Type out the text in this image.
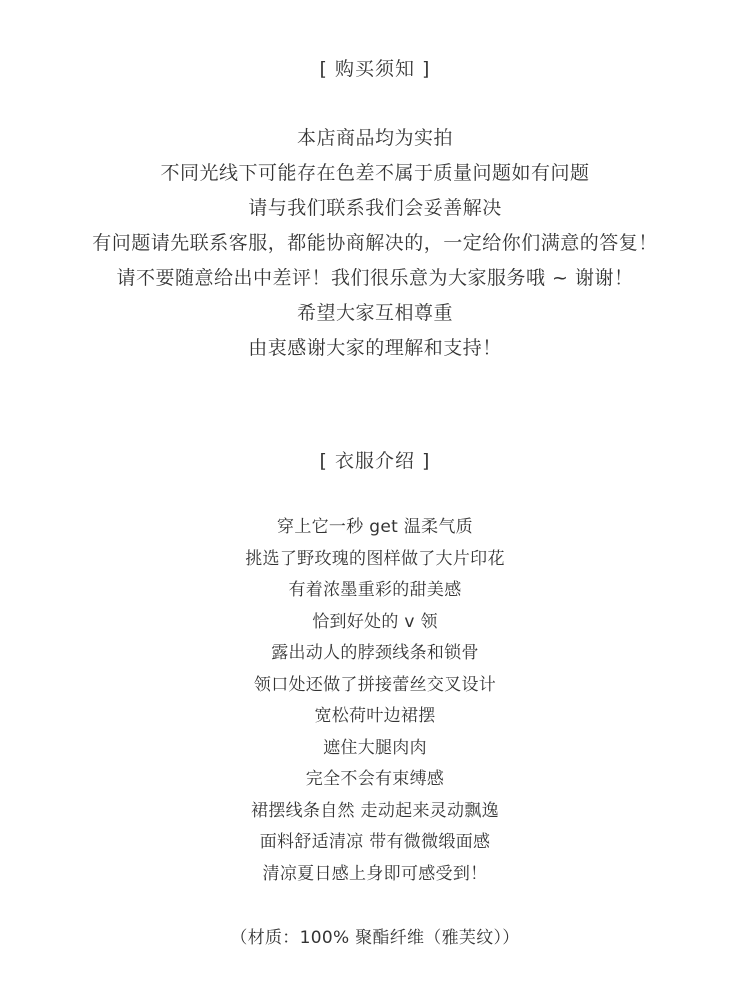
[ 购买须知 ]
本店商品均为实拍
不同光线下可能存在色差不属于质量问题如有问题
请与我们联系我们会妥善解决
有问题请先联系客服，都能协商解决的，一定给你们满意的答复！
请不要随意给出中差评！我们很乐意为大家服务哦 ~ 谢谢！
希望大家互相尊重
由衷感谢大家的理解和支持！
[ 衣服介绍 ]
穿上它一秒 get 温柔气质
挑选了野玫瑰的图样做了大片印花
有着浓墨重彩的甜美感
恰到好处的 v 领
露出动人的脖颈线条和锁骨
领口处还做了拼接蕾丝交叉设计
宽松荷叶边裙摆
遮住大腿肉肉
完全不会有束缚感
裙摆线条自然 走动起来灵动飘逸
面料舒适清凉 带有微微缎面感
清凉夏日感上身即可感受到！
（材质：100% 聚酯纤维（雅芙纹））
